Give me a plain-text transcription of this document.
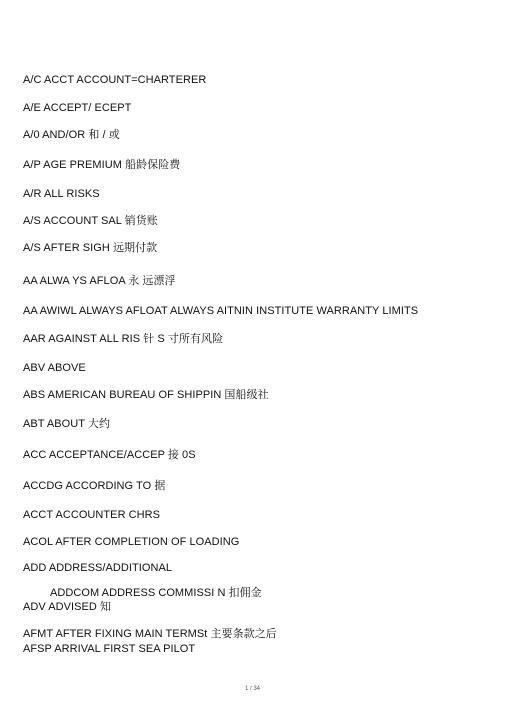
A/C ACCT ACCOUNT=CHARTERER
A/E ACCEPT/ ECEPT
A/0 AND/OR 和 / 或
A/P AGE PREMIUM 船龄保险费
A/R ALL RISKS
A/S ACCOUNT SAL 销货账
A/S AFTER SIGH 远期付款
AA ALWA YS AFLOA 永 远漂浮
AA AWIWL ALWAYS AFLOAT ALWAYS AITNIN INSTITUTE WARRANTY LIMITS
AAR AGAINST ALL RIS 针 S 寸所有风险
ABV ABOVE
ABS AMERICAN BUREAU OF SHIPPIN 国船级社
ABT ABOUT 大约
ACC ACCEPTANCE/ACCEP 接 0S
ACCDG ACCORDING TO 据
ACCT ACCOUNTER CHRS
ACOL AFTER COMPLETION OF LOADING
ADD ADDRESS/ADDITIONAL
ADDCOM ADDRESS COMMISSI N 扣佣金
ADV ADVISED 知
AFMT AFTER FIXING MAIN TERMSt 主要条款之后
AFSP ARRIVAL FIRST SEA PILOT
1 / 34
